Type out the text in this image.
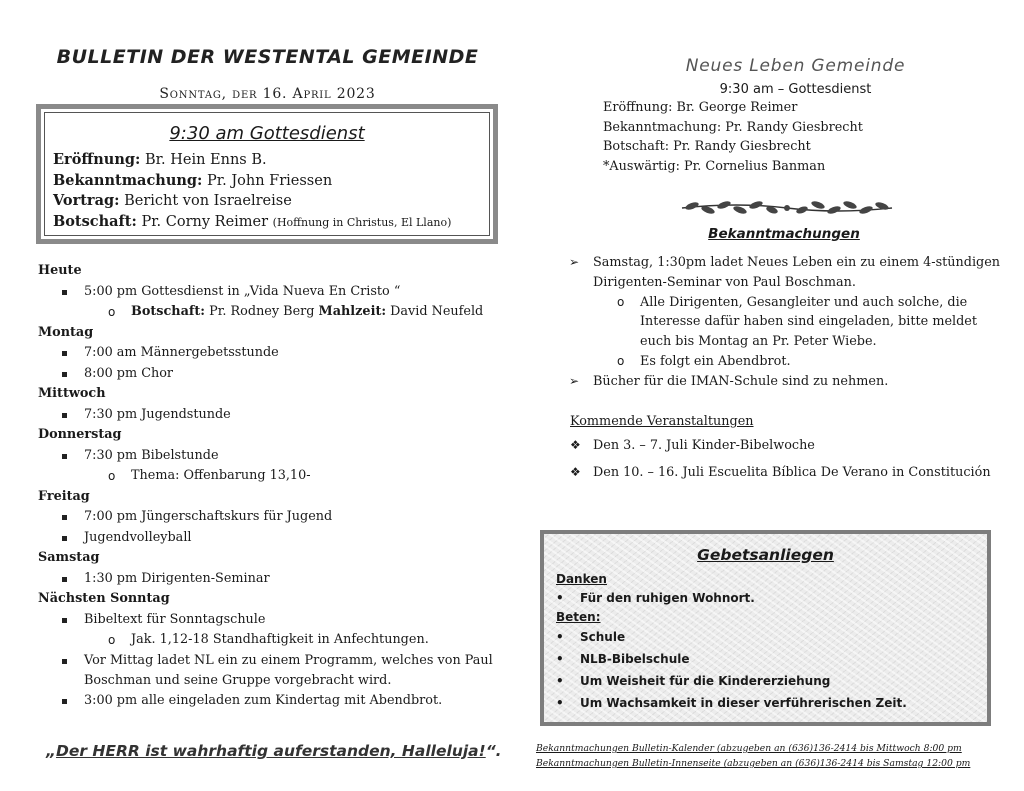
BULLETIN DER WESTENTAL GEMEINDE
Sonntag, der 16. April 2023
9:30 am Gottesdienst
Eröffnung: Br. Hein Enns B.
Bekanntmachung: Pr. John Friessen
Vortrag: Bericht von Israelreise
Botschaft: Pr. Corny Reimer (Hoffnung in Christus, El Llano)
Heute
5:00 pm Gottesdienst in „Vida Nueva En Cristo “
o Botschaft: Pr. Rodney Berg Mahlzeit: David Neufeld
Montag
7:00 am Männergebetsstunde
8:00 pm Chor
Mittwoch
7:30 pm Jugendstunde
Donnerstag
7:30 pm Bibelstunde
o Thema: Offenbarung 13,10-
Freitag
7:00 pm Jüngerschaftskurs für Jugend
Jugendvolleyball
Samstag
1:30 pm Dirigenten-Seminar
Nächsten Sonntag
Bibeltext für Sonntagschule
o Jak. 1,12-18 Standhaftigkeit in Anfechtungen.
Vor Mittag ladet NL ein zu einem Programm, welches von Paul Boschman und seine Gruppe vorgebracht wird.
3:00 pm alle eingeladen zum Kindertag mit Abendbrot.
„Der HERR ist wahrhaftig auferstanden, Halleluja!“.
Neues Leben Gemeinde
9:30 am – Gottesdienst
Eröffnung: Br. George Reimer
Bekanntmachung: Pr. Randy Giesbrecht
Botschaft: Pr. Randy Giesbrecht
*Auswärtig: Pr. Cornelius Banman
Bekanntmachungen
➢ Samstag, 1:30pm ladet Neues Leben ein zu einem 4-stündigen Dirigenten-Seminar von Paul Boschman.
o Alle Dirigenten, Gesangleiter und auch solche, die Interesse dafür haben sind eingeladen, bitte meldet euch bis Montag an Pr. Peter Wiebe.
o Es folgt ein Abendbrot.
➢ Bücher für die IMAN-Schule sind zu nehmen.
Kommende Veranstaltungen
❖ Den 3. – 7. Juli Kinder-Bibelwoche
❖ Den 10. – 16. Juli Escuelita Bíblica De Verano in Constitución
Gebetsanliegen
Danken
• Für den ruhigen Wohnort.
Beten:
• Schule
• NLB-Bibelschule
• Um Weisheit für die Kindererziehung
• Um Wachsamkeit in dieser verführerischen Zeit.
Bekanntmachungen Bulletin-Kalender (abzugeben an (636)136-2414 bis Mittwoch 8:00 pm
Bekanntmachungen Bulletin-Innenseite (abzugeben an (636)136-2414 bis Samstag 12:00 pm
